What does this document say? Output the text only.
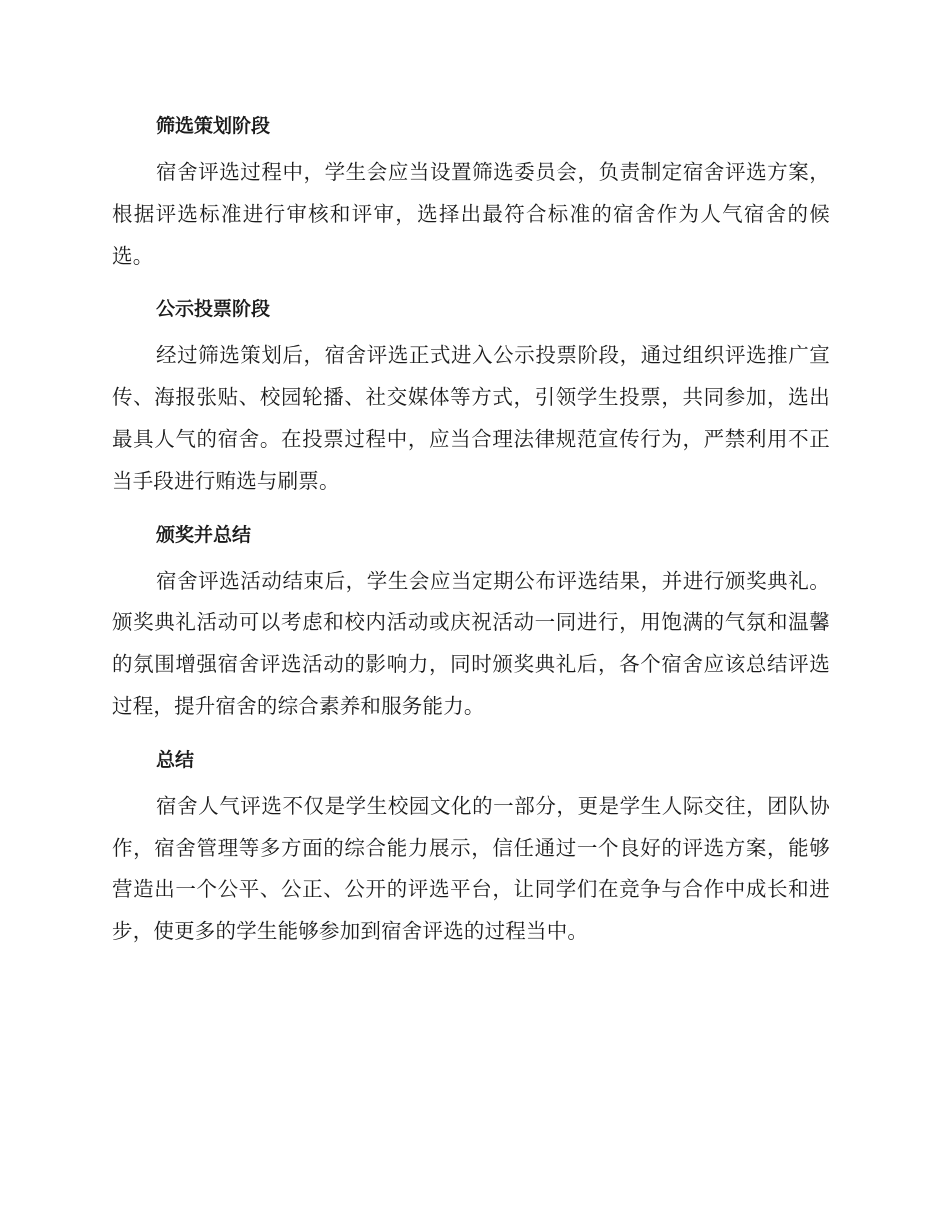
筛选策划阶段

宿舍评选过程中，学生会应当设置筛选委员会，负责制定宿舍评选方案，根据评选标准进行审核和评审，选择出最符合标准的宿舍作为人气宿舍的候选。

公示投票阶段

经过筛选策划后，宿舍评选正式进入公示投票阶段，通过组织评选推广宣传、海报张贴、校园轮播、社交媒体等方式，引领学生投票，共同参加，选出最具人气的宿舍。在投票过程中，应当合理法律规范宣传行为，严禁利用不正当手段进行贿选与刷票。

颁奖并总结

宿舍评选活动结束后，学生会应当定期公布评选结果，并进行颁奖典礼。颁奖典礼活动可以考虑和校内活动或庆祝活动一同进行，用饱满的气氛和温馨的氛围增强宿舍评选活动的影响力，同时颁奖典礼后，各个宿舍应该总结评选过程，提升宿舍的综合素养和服务能力。

总结

宿舍人气评选不仅是学生校园文化的一部分，更是学生人际交往，团队协作，宿舍管理等多方面的综合能力展示，信任通过一个良好的评选方案，能够营造出一个公平、公正、公开的评选平台，让同学们在竞争与合作中成长和进步，使更多的学生能够参加到宿舍评选的过程当中。
